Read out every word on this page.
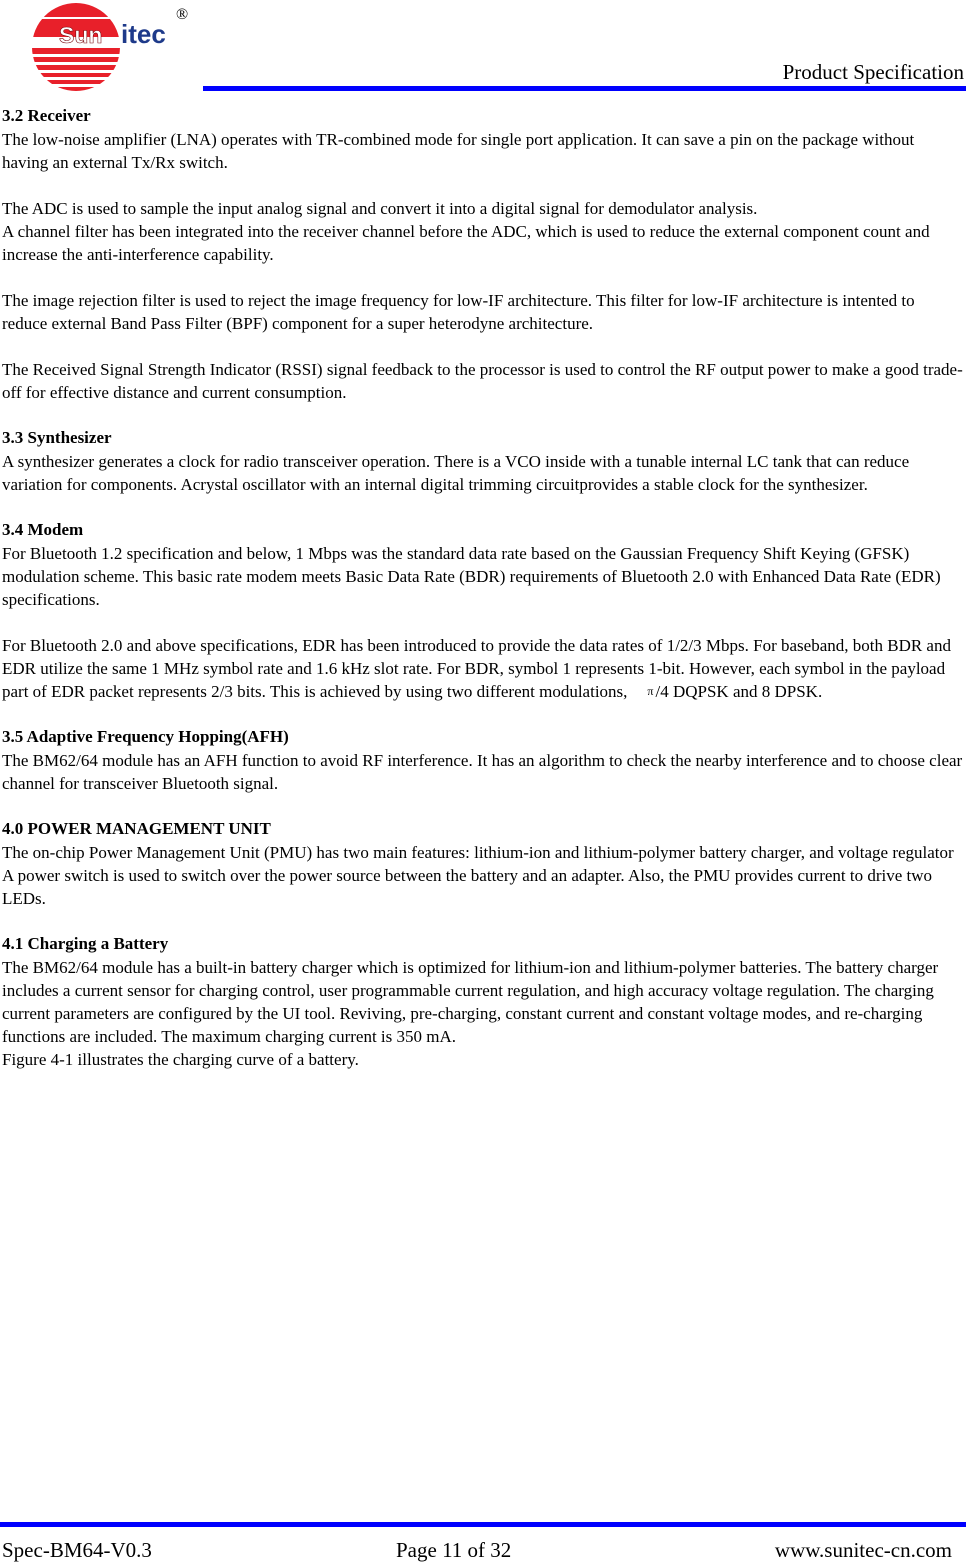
Sun itec
®
Product Specification
3.2 Receiver

The low-noise amplifier (LNA) operates with TR-combined mode for single port application. It can save a pin on the package without having an external Tx/Rx switch.

The ADC is used to sample the input analog signal and convert it into a digital signal for demodulator analysis.

A channel filter has been integrated into the receiver channel before the ADC, which is used to reduce the external component count and increase the anti-interference capability.

The image rejection filter is used to reject the image frequency for low-IF architecture. This filter for low-IF architecture is intented to reduce external Band Pass Filter (BPF) component for a super heterodyne architecture.

The Received Signal Strength Indicator (RSSI) signal feedback to the processor is used to control the RF output power to make a good trade-off for effective distance and current consumption.

3.3 Synthesizer

A synthesizer generates a clock for radio transceiver operation. There is a VCO inside with a tunable internal LC tank that can reduce variation for components. Acrystal oscillator with an internal digital trimming circuitprovides a stable clock for the synthesizer.

3.4 Modem

For Bluetooth 1.2 specification and below, 1 Mbps was the standard data rate based on the Gaussian Frequency Shift Keying (GFSK) modulation scheme. This basic rate modem meets Basic Data Rate (BDR) requirements of Bluetooth 2.0 with Enhanced Data Rate (EDR) specifications.

For Bluetooth 2.0 and above specifications, EDR has been introduced to provide the data rates of 1/2/3 Mbps. For baseband, both BDR and EDR utilize the same 1 MHz symbol rate and 1.6 kHz slot rate. For BDR, symbol 1 represents 1-bit. However, each symbol in the payload part of EDR packet represents 2/3 bits. This is achieved by using two different modulations, π /4 DQPSK and 8 DPSK.

3.5 Adaptive Frequency Hopping(AFH)

The BM62/64 module has an AFH function to avoid RF interference. It has an algorithm to check the nearby interference and to choose clear channel for transceiver Bluetooth signal.

4.0 POWER MANAGEMENT UNIT

The on-chip Power Management Unit (PMU) has two main features: lithium-ion and lithium-polymer battery charger, and voltage regulator A power switch is used to switch over the power source between the battery and an adapter. Also, the PMU provides current to drive two LEDs.

4.1 Charging a Battery

The BM62/64 module has a built-in battery charger which is optimized for lithium-ion and lithium-polymer batteries. The battery charger includes a current sensor for charging control, user programmable current regulation, and high accuracy voltage regulation. The charging current parameters are configured by the UI tool. Reviving, pre-charging, constant current and constant voltage modes, and re-charging functions are included. The maximum charging current is 350 mA.

Figure 4-1 illustrates the charging curve of a battery.

Spec-BM64-V0.3	Page 11 of 32	www.sunitec-cn.com
